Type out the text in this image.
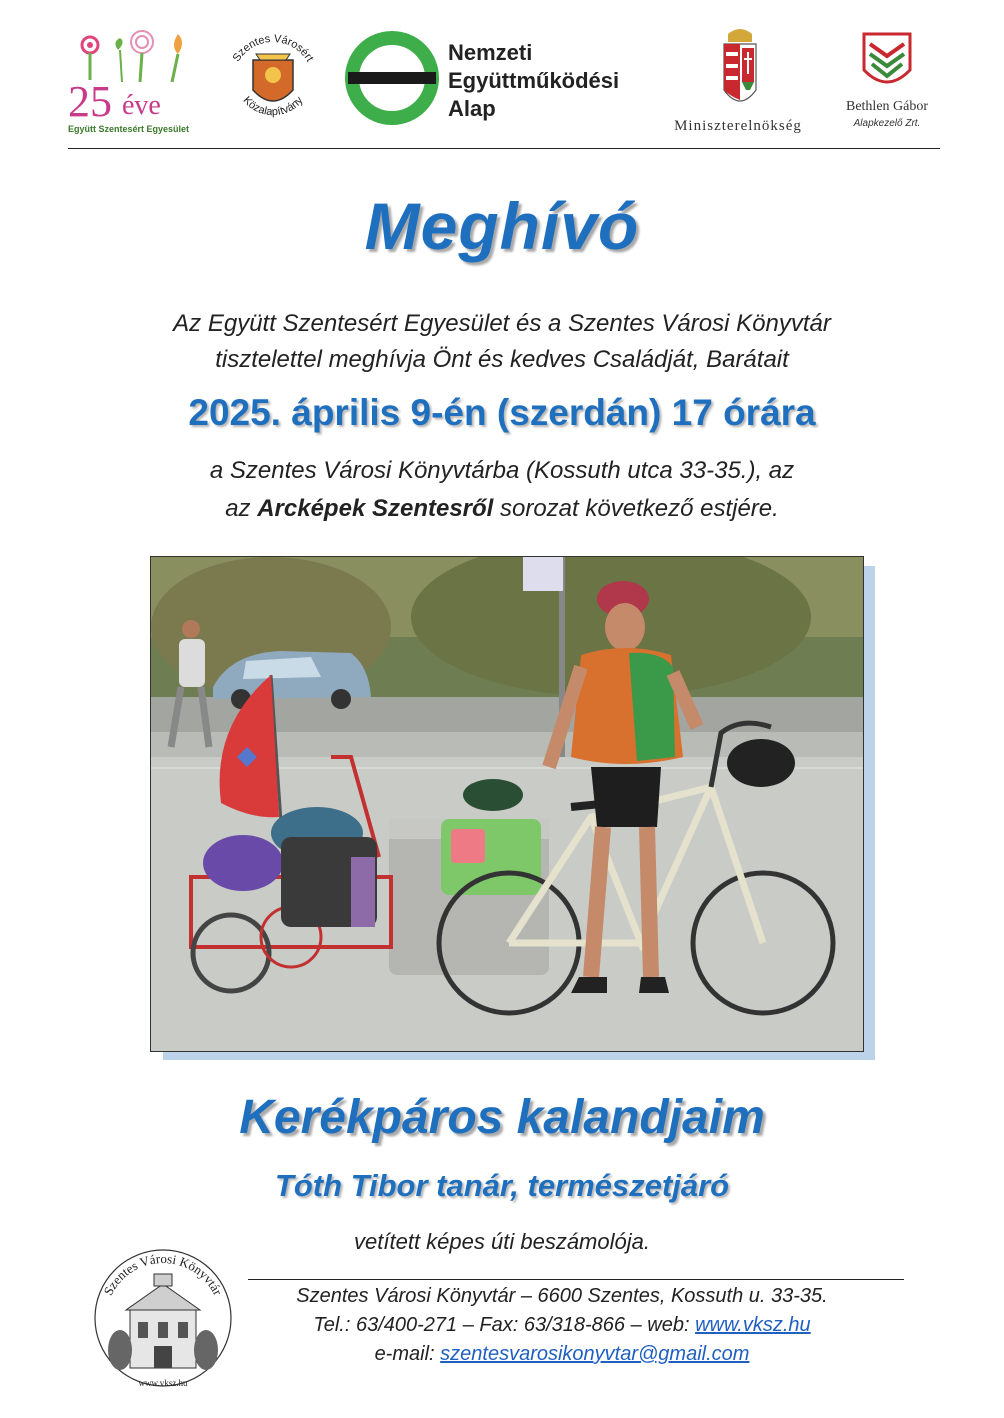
25 éve
Együtt Szentesért Egyesület
Szentes Városért
Közalapítvány
Nemzeti
Együttműködési
Alap
Miniszterelnökség
Bethlen Gábor
Alapkezelő Zrt.
Meghívó
Az Együtt Szentesért Egyesület és a Szentes Városi Könyvtár
tisztelettel meghívja Önt és kedves Családját, Barátait
2025. április 9-én (szerdán) 17 órára
a Szentes Városi Könyvtárba (Kossuth utca 33-35.), az
az Arcképek Szentesről sorozat következő estjére.
Kerékpáros kalandjaim
Tóth Tibor tanár, természetjáró
vetített képes úti beszámolója.
Szentes Városi Könyvtár
www.vksz.hu
Szentes Városi Könyvtár – 6600 Szentes, Kossuth u. 33-35.
Tel.: 63/400-271 – Fax: 63/318-866 – web: www.vksz.hu
e-mail: szentesvarosikonyvtar@gmail.com
